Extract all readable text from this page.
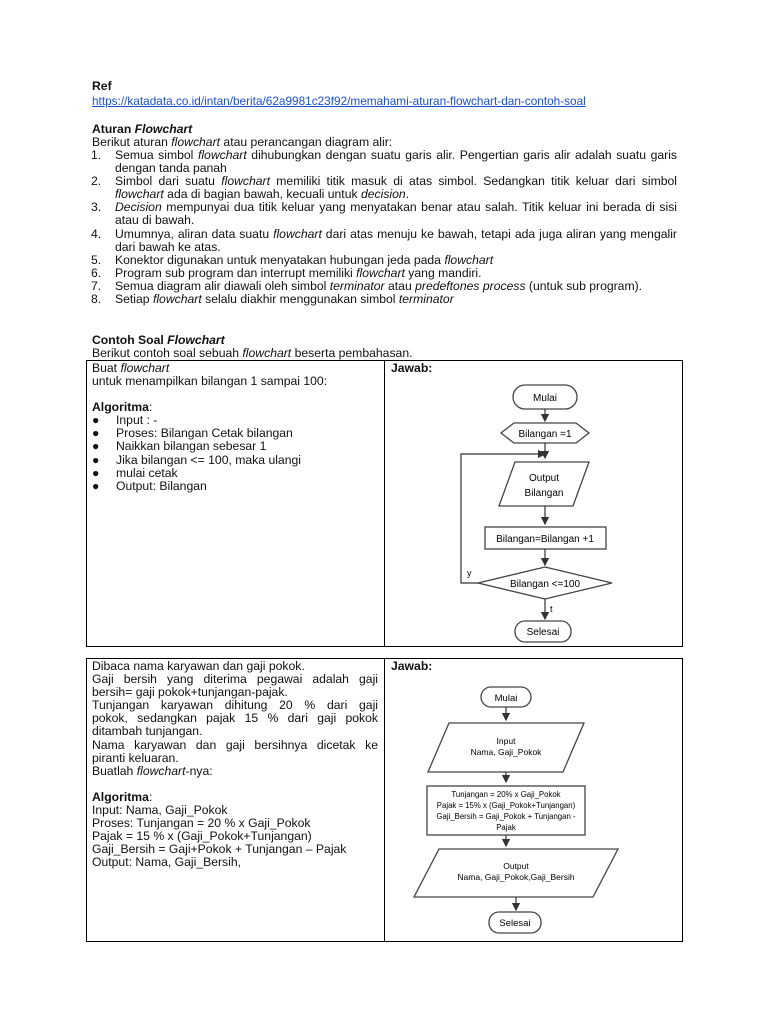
Ref
https://katadata.co.id/intan/berita/62a9981c23f92/memahami-aturan-flowchart-dan-contoh-soal
Aturan Flowchart
Berikut aturan flowchart atau perancangan diagram alir:
1.	Semua simbol flowchart dihubungkan dengan suatu garis alir. Pengertian garis alir adalah suatu garis dengan tanda panah
2.	Simbol dari suatu flowchart memiliki titik masuk di atas simbol. Sedangkan titik keluar dari simbol flowchart ada di bagian bawah, kecuali untuk decision.
3.	Decision mempunyai dua titik keluar yang menyatakan benar atau salah. Titik keluar ini berada di sisi atau di bawah.
4.	Umumnya, aliran data suatu flowchart dari atas menuju ke bawah, tetapi ada juga aliran yang mengalir dari bawah ke atas.
5.	Konektor digunakan untuk menyatakan hubungan jeda pada flowchart
6.	Program sub program dan interrupt memiliki flowchart yang mandiri.
7.	Semua diagram alir diawali oleh simbol terminator atau predeftones process (untuk sub program).
8.	Setiap flowchart selalu diakhir menggunakan simbol terminator
Contoh Soal Flowchart
Berikut contoh soal sebuah flowchart beserta pembahasan.
Buat flowchart
untuk menampilkan bilangan 1 sampai 100:
Algoritma:
●	Input : -
●	Proses: Bilangan Cetak bilangan
●	Naikkan bilangan sebesar 1
●	Jika bilangan <= 100, maka ulangi
●	mulai cetak
●	Output: Bilangan
Jawab:
Mulai
Bilangan =1
Output
Bilangan
Bilangan=Bilangan +1
Bilangan <=100
y
t
Selesai
Dibaca nama karyawan dan gaji pokok.
Gaji bersih yang diterima pegawai adalah gaji
bersih= gaji pokok+tunjangan-pajak.
Tunjangan karyawan dihitung 20 % dari gaji
pokok, sedangkan pajak 15 % dari gaji pokok
ditambah tunjangan.
Nama karyawan dan gaji bersihnya dicetak ke
piranti keluaran.
Buatlah flowchart-nya:
Algoritma:
Input: Nama, Gaji_Pokok
Proses: Tunjangan = 20 % x Gaji_Pokok
Pajak = 15 % x (Gaji_Pokok+Tunjangan)
Gaji_Bersih = Gaji+Pokok + Tunjangan – Pajak
Output: Nama, Gaji_Bersih,
Jawab:
Mulai
Input
Nama, Gaji_Pokok
Tunjangan = 20% x Gaji_Pokok
Pajak = 15% x (Gaji_Pokok+Tunjangan)
Gaji_Bersih = Gaji_Pokok + Tunjangan -
Pajak
Output
Nama, Gaji_Pokok,Gaji_Bersih
Selesai
